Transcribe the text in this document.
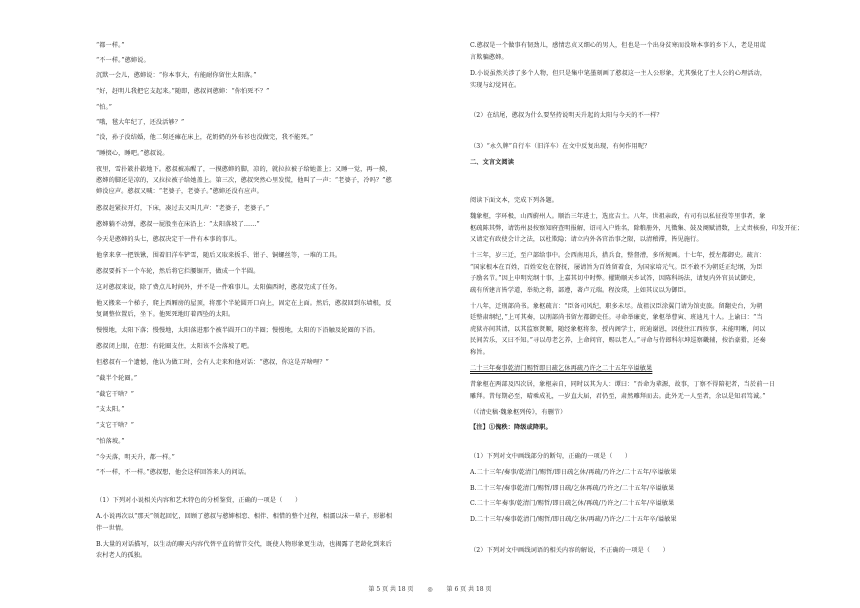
“都一样。”
“不一样。”憨婶说。
沉默一会儿，憨婶说：“你本事大，有能耐你留住太阳落。”
“好，赶明儿我把它支起来。”随即，憨叔问憨婶：“你怕死不？”
“怕。”
“哦，毬大年纪了，还没活够？”
“没，孙子没结婚，他二舅还瘫在床上，花奶奶的外布衫也没做完，我不能死。”
“睡掇心，睡吧。”憨叔说。
夜里，雪扑簌扑簌地下。憨叔被冻醒了，一摸憨婶的脚，凉的，就拉拉被子给她盖上；又睡一觉，再一摸，
憨婶的脚还是凉的，又拉拉被子给她盖上。第三次，憨叔突然心里发慌，他叫了一声：“老婆子，冷吗？”憨
婶没应声。憨叔又喊：“老婆子，老婆子。”憨婶还没有应声。
憨叔赶紧拉开灯，下床，凑过去又叫几声：“老婆子，老婆子。”
憨婶躺不动弹，憨叔一屁股坐在床沿上：“太阳落坡了……”
今天是憨婶的头七，憨叔决定干一件有本事的事儿。
他拿来拿一把铁锹，围着旧洋车铲雪，随后又取来扳手、钳子、铜螺丝等，一堆的工具。
憨叔要拆下一个车轮，然后将它拦腰锯开，做成一个半圆。
这对憨叔来说，除了费点儿时间外，并不是一件难事儿。太阳偏西时，憨叔完成了任务。
他又搬来一个梯子，爬上西厢房的屋顶，将那个半轮圆开口向上，固定在上面。然后，憨叔回到东墙根，反
复调整位置后，坐下。他死死地盯着西坠的太阳。
慢慢地，太阳下落；慢慢地，太阳落进那个被半圆开口的半圈；慢慢地，太阳的下沿触及轮圈的下沿。
憨叔闭上眼，在想：有轮圈支住，太阳该不会落坡了吧。
但憨叔有一个遗憾，他认为做工时，会有人走来和他对话：“憨叔，你这是弄啥哩？”
“截半个轮圈。”
“截它干啥？”
“支太阳。”
“支它干啥？”
“怕落坡。”
“今天落，明天升，都一样。”
“不一样，不一样。”憨叔想，他会这样回答来人的问话。
（1）下列对小说相关内容和艺术特色的分析鉴赏，正确的一项是（　　）
A.小说再次以“那天”领起回忆，回顾了憨叔与憨婶相恋、相伴、相惜的整个过程，相濡以沫一辈子，形影相
伴一世情。
B.大量的对话描写，以生动的聊天内容代替平直的情节交代，既使人物形象更生动，也揭露了老龄化到来后
农村老人的孤独。
C.憨叔是一个做事有韧劲儿，感情忠贞又细心的男人，但也是一个出身贫寒而没啥本事的乡下人，老是用谎
言欺骗憨婶。
D.小说虽然关涉了多个人物，但只是集中笔墨刻画了憨叔这一主人公形象，尤其强化了主人公的心理活动，
实现与幻觉同在。
（2）在结尾，憨叔为什么要坚持说明天升起的太阳与今天的不一样？
（3）“永久牌”自行车（旧洋车）在文中反复出现，有何作用呢？
二、文言文阅读
阅读下面文本，完成下列各题。
魏象枢，字环极，山西蔚州人。顺治三年进士，选庶吉士。八年，世祖亲政，有司有以私征役等里事者，象
枢疏陈其弊，请饬州县按察知府查明报解，诏司入户姓名，除粮册外，凡徵集、鼓及阕赋清数，上丈责核验，印发开征；
又请定有政使会计之法，以杜欺隐；请立内外各官治事之限，以清稽滞，皆见施行。
十三年，岁三迁，至户部给事中。会西南用兵，措兵食，整督漕，多所规画。十七年，授左都御史。疏言：
“国家根本在百姓，百姓安危在督抚，屡请旨为百姓留着食，为国家培元气。臣不敢不为朝廷正纪纲，为臣
子励名节。”因上申明宪纲十事，上嘉其切中时弊。擢勘顺天乡试答，因陈科场法，请复内外官员试御史，
疏有所建言皆学道，举劾之将，部遵，著卢元瑞。程汝璞，上如其议以为御臣。
十八年，迁刑部尚书。象枢疏言：“臣备司风纪，职多未尽。故祖汉臣涂翼门请为馆吏旅。留翻史台，为朝
廷整肃纲纪，”上可其奏，以刑部尚书留左都御史任。寻命举廉吏，象枢举曹寅、班迪凡十人。上谕曰：“当
虎狱亦间其清，以其监察贤顺，随经象枢将参，授内阁学士，班迪谢恩，因使往江西按事，未能明晰，问以
民间苦乐，又曰不知。”寻以母老乞养，上命问官，赐以老人。”寻命与侍郎科尔坤巡察畿辅，按治豪猾，还奏
称旨。
二十三年奏事乾清门赐哲即日疏乞休再疏乃许之二十五年卒谥敏果
昔象枢在两部及四次居，象枢亲自，同时以其为人：谭曰：“吾命为辈源，故事，丁察不得陪祀者，当於前一日
雕拜。昔每期必至，晴乘成礼，一岁直大届，君仍至，肃然雕拜而去。此外无一人至者，余以是知君笃诚。”
（《清史稿·魏象枢列传》，有删节）
【注】①傀秩：降级或降职。
（1）下列对文中画线部分的断句，正确的一项是（　　）
A.二十三年/奏事/乾清门/赐哲/即日疏乞休/再疏/乃许之/二十五年/卒谥敏果
B.二十三年/奏事乾清门/赐哲/即日疏/乞休再疏/乃许之/二十五年/卒谥敏果
C.二十三年奏事/乾清门/赐哲/即日疏乞休/再疏/乃许之/二十五年/卒谥敏果
D.二十三年/奏事乾清门/赐哲/即日疏/乞休/再疏/乃许之/二十五年卒/谥敏果
（2）下列对文中画线词语的相关内容的解说，不正确的一项是（　　）
第 5 页 共 18 页 ◎ 第 6 页 共 18 页
